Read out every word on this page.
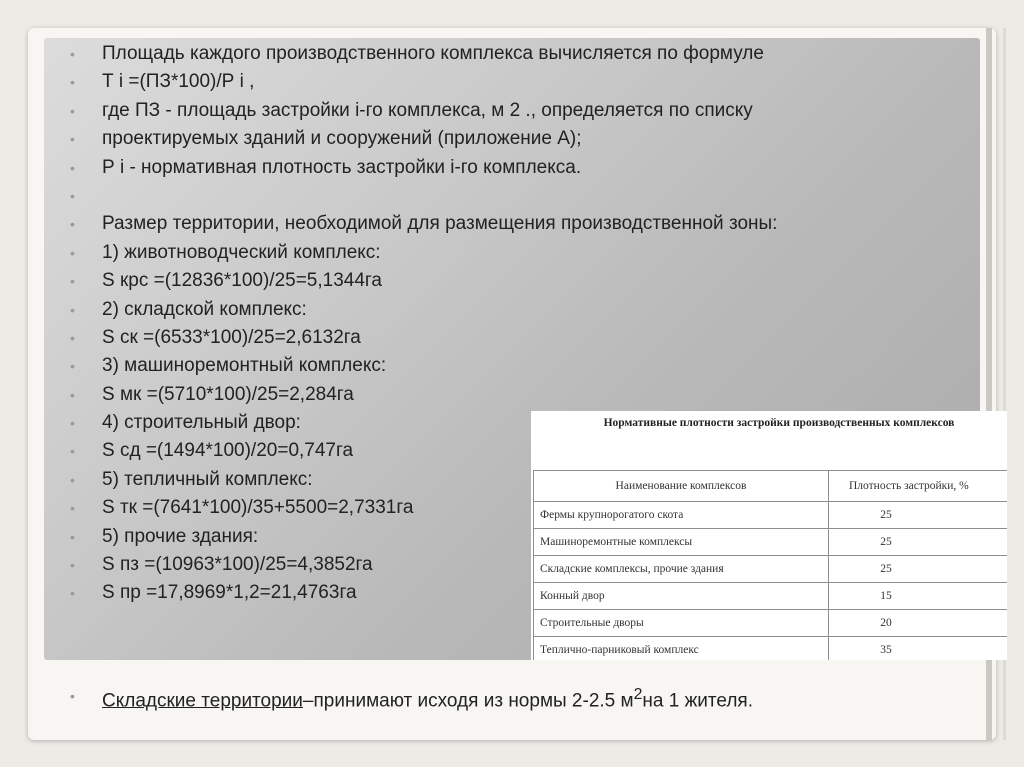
• Площадь каждого производственного комплекса вычисляется по формуле
• Т i =(ПЗ*100)/Р i ,
• где ПЗ - площадь застройки i-го комплекса, м 2 ., определяется по списку
• проектируемых зданий и сооружений (приложение А);
• Р i - нормативная плотность застройки i-го комплекса.
•
• Размер территории, необходимой для размещения производственной зоны:
• 1) животноводческий комплекс:
• S крс =(12836*100)/25=5,1344га
• 2) складской комплекс:
• S ск =(6533*100)/25=2,6132га
• 3) машиноремонтный комплекс:
• S мк =(5710*100)/25=2,284га
• 4) строительный двор:
• S сд =(1494*100)/20=0,747га
• 5) тепличный комплекс:
• S тк =(7641*100)/35+5500=2,7331га
• 5) прочие здания:
• S пз =(10963*100)/25=4,3852га
• S пр =17,8969*1,2=21,4763га
Нормативные плотности застройки производственных комплексов
Наименование комплексов	Плотность застройки, %
Фермы крупнорогатого скота	25
Машиноремонтные комплексы	25
Складские комплексы, прочие здания	25
Конный двор	15
Строительные дворы	20
Теплично-парниковый комплекс	35
• Складские территории–принимают исходя из нормы 2-2.5 $м^2на$ 1 жителя.
